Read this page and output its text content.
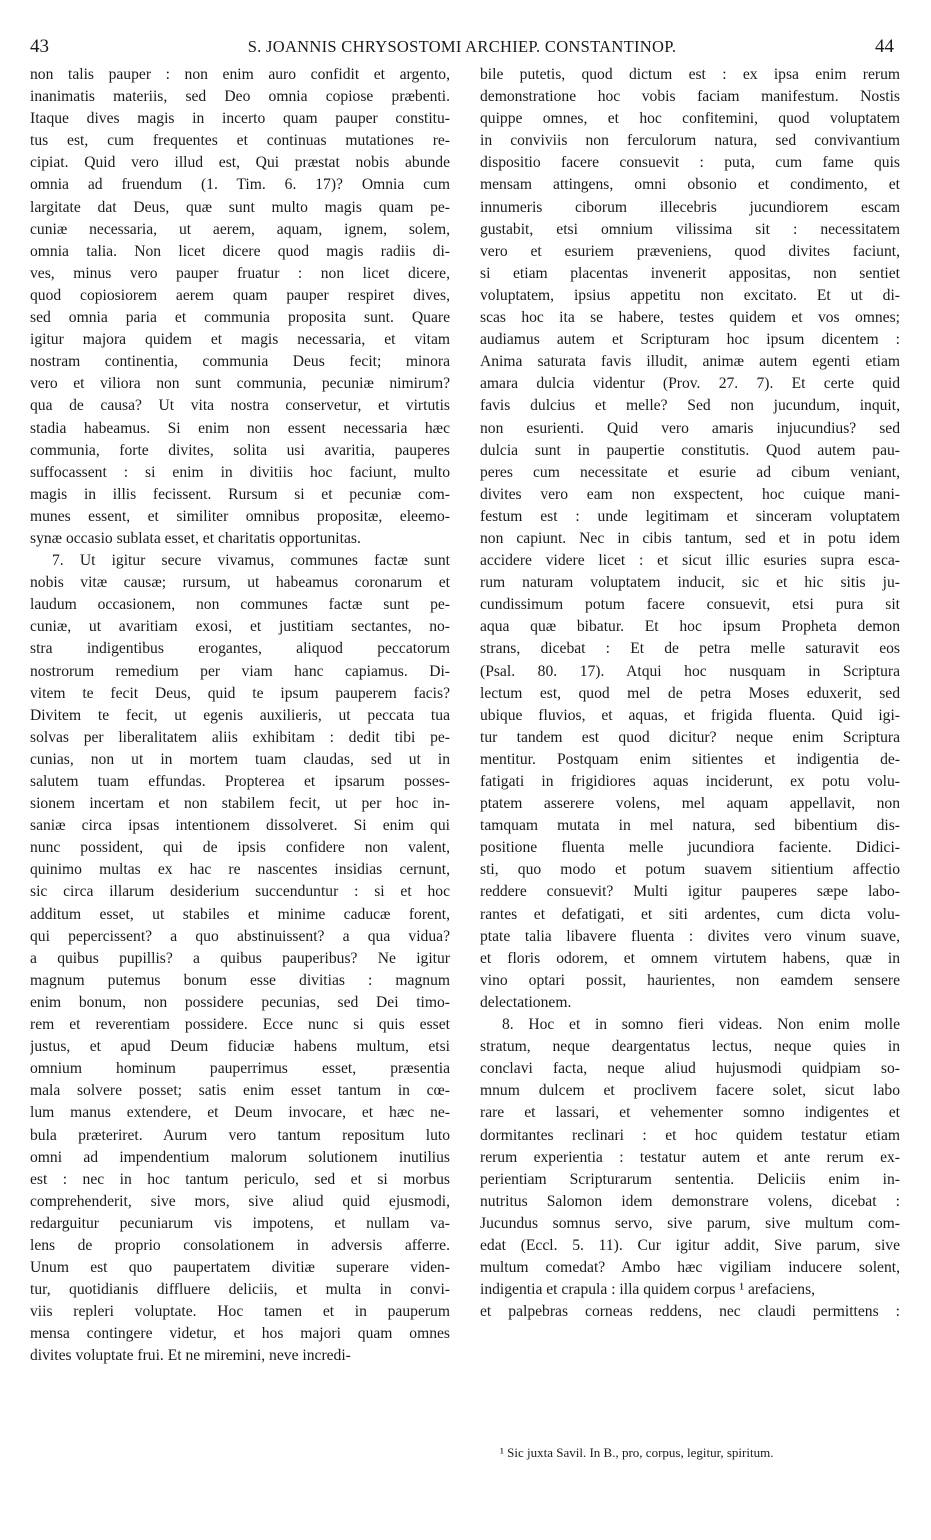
43	S. JOANNIS CHRYSOSTOMI ARCHIEP. CONSTANTINOP.	44
non talis pauper : non enim auro confidit et argento,
inanimatis materiis, sed Deo omnia copiose præbenti.
Itaque dives magis in incerto quam pauper constitu-
tus est, cum frequentes et continuas mutationes re-
cipiat. Quid vero illud est, Qui præstat nobis abunde
omnia ad fruendum (1. Tim. 6. 17)? Omnia cum
largitate dat Deus, quæ sunt multo magis quam pe-
cuniæ necessaria, ut aerem, aquam, ignem, solem,
omnia talia. Non licet dicere quod magis radiis di-
ves, minus vero pauper fruatur : non licet dicere,
quod copiosiorem aerem quam pauper respiret dives,
sed omnia paria et communia proposita sunt. Quare
igitur majora quidem et magis necessaria, et vitam
nostram continentia, communia Deus fecit; minora
vero et viliora non sunt communia, pecuniæ nimirum?
qua de causa? Ut vita nostra conservetur, et virtutis
stadia habeamus. Si enim non essent necessaria hæc
communia, forte divites, solita usi avaritia, pauperes
suffocassent : si enim in divitiis hoc faciunt, multo
magis in illis fecissent. Rursum si et pecuniæ com-
munes essent, et similiter omnibus propositæ, eleemo-
synæ occasio sublata esset, et charitatis opportunitas.
7. Ut igitur secure vivamus, communes factæ sunt
nobis vitæ causæ; rursum, ut habeamus coronarum et
laudum occasionem, non communes factæ sunt pe-
cuniæ, ut avaritiam exosi, et justitiam sectantes, no-
stra indigentibus erogantes, aliquod peccatorum
nostrorum remedium per viam hanc capiamus. Di-
vitem te fecit Deus, quid te ipsum pauperem facis?
Divitem te fecit, ut egenis auxilieris, ut peccata tua
solvas per liberalitatem aliis exhibitam : dedit tibi pe-
cunias, non ut in mortem tuam claudas, sed ut in
salutem tuam effundas. Propterea et ipsarum posses-
sionem incertam et non stabilem fecit, ut per hoc in-
saniæ circa ipsas intentionem dissolveret. Si enim qui
nunc possident, qui de ipsis confidere non valent,
quinimo multas ex hac re nascentes insidias cernunt,
sic circa illarum desiderium succenduntur : si et hoc
additum esset, ut stabiles et minime caducæ forent,
qui pepercissent? a quo abstinuissent? a qua vidua?
a quibus pupillis? a quibus pauperibus? Ne igitur
magnum putemus bonum esse divitias : magnum
enim bonum, non possidere pecunias, sed Dei timo-
rem et reverentiam possidere. Ecce nunc si quis esset
justus, et apud Deum fiduciæ habens multum, etsi
omnium hominum pauperrimus esset, præsentia
mala solvere posset; satis enim esset tantum in cœ-
lum manus extendere, et Deum invocare, et hæc ne-
bula præteriret. Aurum vero tantum repositum luto
omni ad impendentium malorum solutionem inutilius
est : nec in hoc tantum periculo, sed et si morbus
comprehenderit, sive mors, sive aliud quid ejusmodi,
redarguitur pecuniarum vis impotens, et nullam va-
lens de proprio consolationem in adversis afferre.
Unum est quo paupertatem divitiæ superare viden-
tur, quotidianis diffluere deliciis, et multa in convi-
viis repleri voluptate. Hoc tamen et in pauperum
mensa contingere videtur, et hos majori quam omnes
divites voluptate frui. Et ne miremini, neve incredi-
bile putetis, quod dictum est : ex ipsa enim rerum
demonstratione hoc vobis faciam manifestum. Nostis
quippe omnes, et hoc confitemini, quod voluptatem
in conviviis non ferculorum natura, sed convivantium
dispositio facere consuevit : puta, cum fame quis
mensam attingens, omni obsonio et condimento, et
innumeris ciborum illecebris jucundiorem escam
gustabit, etsi omnium vilissima sit : necessitatem
vero et esuriem præveniens, quod divites faciunt,
si etiam placentas invenerit appositas, non sentiet
voluptatem, ipsius appetitu non excitato. Et ut di-
scas hoc ita se habere, testes quidem et vos omnes;
audiamus autem et Scripturam hoc ipsum dicentem :
Anima saturata favis illudit, animæ autem egenti etiam
amara dulcia videntur (Prov. 27. 7). Et certe quid
favis dulcius et melle? Sed non jucundum, inquit,
non esurienti. Quid vero amaris injucundius? sed
dulcia sunt in paupertie constitutis. Quod autem pau-
peres cum necessitate et esurie ad cibum veniant,
divites vero eam non exspectent, hoc cuique mani-
festum est : unde legitimam et sinceram voluptatem
non capiunt. Nec in cibis tantum, sed et in potu idem
accidere videre licet : et sicut illic esuries supra esca-
rum naturam voluptatem inducit, sic et hic sitis ju-
cundissimum potum facere consuevit, etsi pura sit
aqua quæ bibatur. Et hoc ipsum Propheta demon
strans, dicebat : Et de petra melle saturavit eos
(Psal. 80. 17). Atqui hoc nusquam in Scriptura
lectum est, quod mel de petra Moses eduxerit, sed
ubique fluvios, et aquas, et frigida fluenta. Quid igi-
tur tandem est quod dicitur? neque enim Scriptura
mentitur. Postquam enim sitientes et indigentia de-
fatigati in frigidiores aquas inciderunt, ex potu volu-
ptatem asserere volens, mel aquam appellavit, non
tamquam mutata in mel natura, sed bibentium dis-
positione fluenta melle jucundiora faciente. Didici-
sti, quo modo et potum suavem sitientium affectio
reddere consuevit? Multi igitur pauperes sæpe labo-
rantes et defatigati, et siti ardentes, cum dicta volu-
ptate talia libavere fluenta : divites vero vinum suave,
et floris odorem, et omnem virtutem habens, quæ in
vino optari possit, haurientes, non eamdem sensere
delectationem.
8. Hoc et in somno fieri videas. Non enim molle
stratum, neque deargentatus lectus, neque quies in
conclavi facta, neque aliud hujusmodi quidpiam so-
mnum dulcem et proclivem facere solet, sicut labo
rare et lassari, et vehementer somno indigentes et
dormitantes reclinari : et hoc quidem testatur etiam
rerum experientia : testatur autem et ante rerum ex-
perientiam Scripturarum sententia. Deliciis enim in-
nutritus Salomon idem demonstrare volens, dicebat :
Jucundus somnus servo, sive parum, sive multum com-
edat (Eccl. 5. 11). Cur igitur addit, Sive parum, sive
multum comedat? Ambo hæc vigiliam inducere solent,
indigentia et crapula : illa quidem corpus ¹ arefaciens,
et palpebras corneas reddens, nec claudi permittens :
¹ Sic juxta Savil. In B., pro, corpus, legitur, spiritum.
